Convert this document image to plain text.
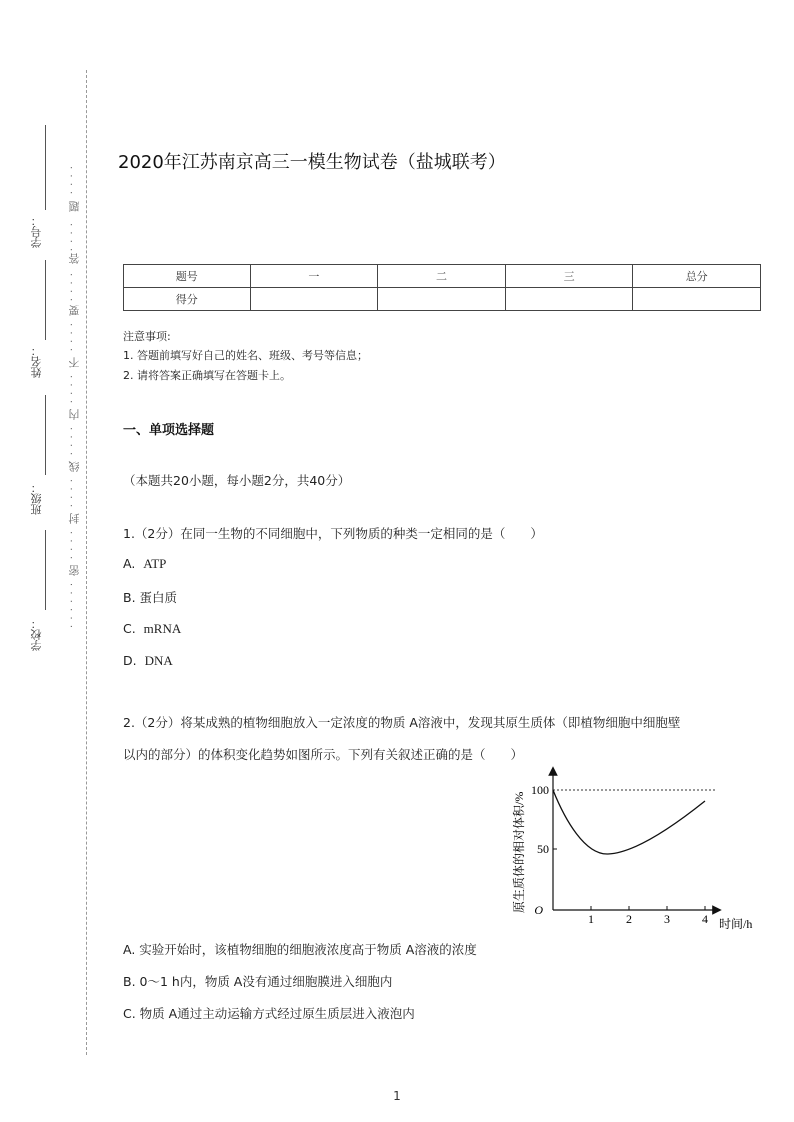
学号：
姓名：
班级：
学校：
· · · ·
题
· · · ·
答
· · · ·
要
· · · ·
不
· · · ·
内
· · · ·
线
· · · ·
封
· · · ·
密
· · · · · ·
2020年江苏南京高三一模生物试卷（盐城联考）
题号	一	二	三	总分
得分				
注意事项:
1. 答题前填写好自己的姓名、班级、考号等信息；
2. 请将答案正确填写在答题卡上。
一、单项选择题
（本题共20小题，每小题2分，共40分）
1.（2分）在同一生物的不同细胞中，下列物质的种类一定相同的是（　　）
A. ATP
B. 蛋白质
C. mRNA
D. DNA
2.（2分）将某成熟的植物细胞放入一定浓度的物质 A溶液中，发现其原生质体（即植物细胞中细胞壁
以内的部分）的体积变化趋势如图所示。下列有关叙述正确的是（　　）
100
50
O
1	2	3	4 时间/h
原生质体的相对体积/%
A. 实验开始时，该植物细胞的细胞液浓度高于物质 A溶液的浓度
B. 0～1 h内，物质 A没有通过细胞膜进入细胞内
C. 物质 A通过主动运输方式经过原生质层进入液泡内
1
